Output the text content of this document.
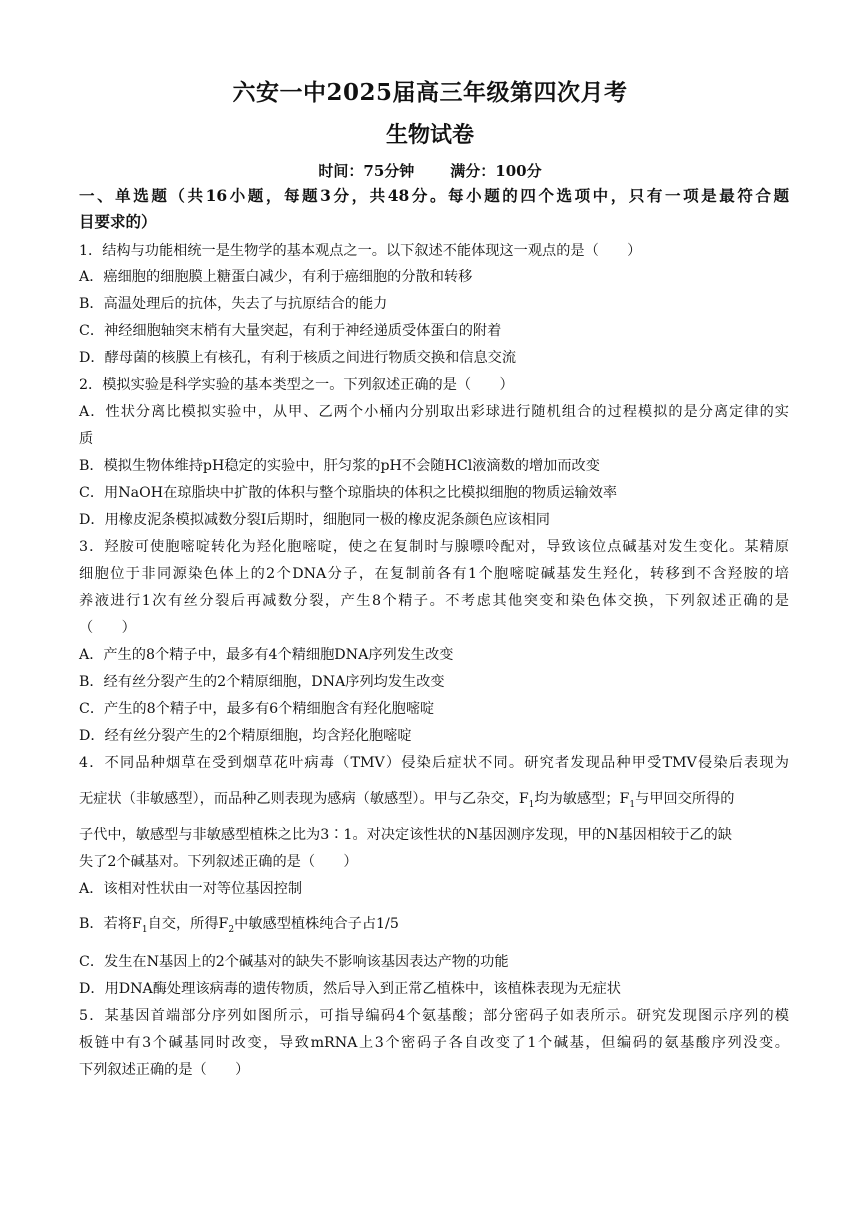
六安一中2025届高三年级第四次月考
生物试卷
时间：75分钟 满分：100分
一、单选题（共16小题，每题3分，共48分。每小题的四个选项中，只有一项是最符合题
目要求的）
1．结构与功能相统一是生物学的基本观点之一。以下叙述不能体现这一观点的是（　　）
A．癌细胞的细胞膜上糖蛋白减少，有利于癌细胞的分散和转移
B．高温处理后的抗体，失去了与抗原结合的能力
C．神经细胞轴突末梢有大量突起，有利于神经递质受体蛋白的附着
D．酵母菌的核膜上有核孔，有利于核质之间进行物质交换和信息交流
2．模拟实验是科学实验的基本类型之一。下列叙述正确的是（　　）
A．性状分离比模拟实验中，从甲、乙两个小桶内分别取出彩球进行随机组合的过程模拟的是分离定律的实
质
B．模拟生物体维持pH稳定的实验中，肝匀浆的pH不会随HCl液滴数的增加而改变
C．用NaOH在琼脂块中扩散的体积与整个琼脂块的体积之比模拟细胞的物质运输效率
D．用橡皮泥条模拟减数分裂Ⅰ后期时，细胞同一极的橡皮泥条颜色应该相同
3．羟胺可使胞嘧啶转化为羟化胞嘧啶，使之在复制时与腺嘌呤配对，导致该位点碱基对发生变化。某精原
细胞位于非同源染色体上的2个DNA分子，在复制前各有1个胞嘧啶碱基发生羟化，转移到不含羟胺的培
养液进行1次有丝分裂后再减数分裂，产生8个精子。不考虑其他突变和染色体交换，下列叙述正确的是
（　　）
A．产生的8个精子中，最多有4个精细胞DNA序列发生改变
B．经有丝分裂产生的2个精原细胞，DNA序列均发生改变
C．产生的8个精子中，最多有6个精细胞含有羟化胞嘧啶
D．经有丝分裂产生的2个精原细胞，均含羟化胞嘧啶
4．不同品种烟草在受到烟草花叶病毒（TMV）侵染后症状不同。研究者发现品种甲受TMV侵染后表现为
无症状（非敏感型），而品种乙则表现为感病（敏感型）。甲与乙杂交，$F_1$均为敏感型；$F_1$与甲回交所得的
子代中，敏感型与非敏感型植株之比为3∶1。对决定该性状的N基因测序发现，甲的N基因相较于乙的缺
失了2个碱基对。下列叙述正确的是（　　）
A．该相对性状由一对等位基因控制
B．若将$F_1$自交，所得$F_2$中敏感型植株纯合子占1/5
C．发生在N基因上的2个碱基对的缺失不影响该基因表达产物的功能
D．用DNA酶处理该病毒的遗传物质，然后导入到正常乙植株中，该植株表现为无症状
5．某基因首端部分序列如图所示，可指导编码4个氨基酸；部分密码子如表所示。研究发现图示序列的模
板链中有3个碱基同时改变，导致mRNA上3个密码子各自改变了1个碱基，但编码的氨基酸序列没变。
下列叙述正确的是（　　）
